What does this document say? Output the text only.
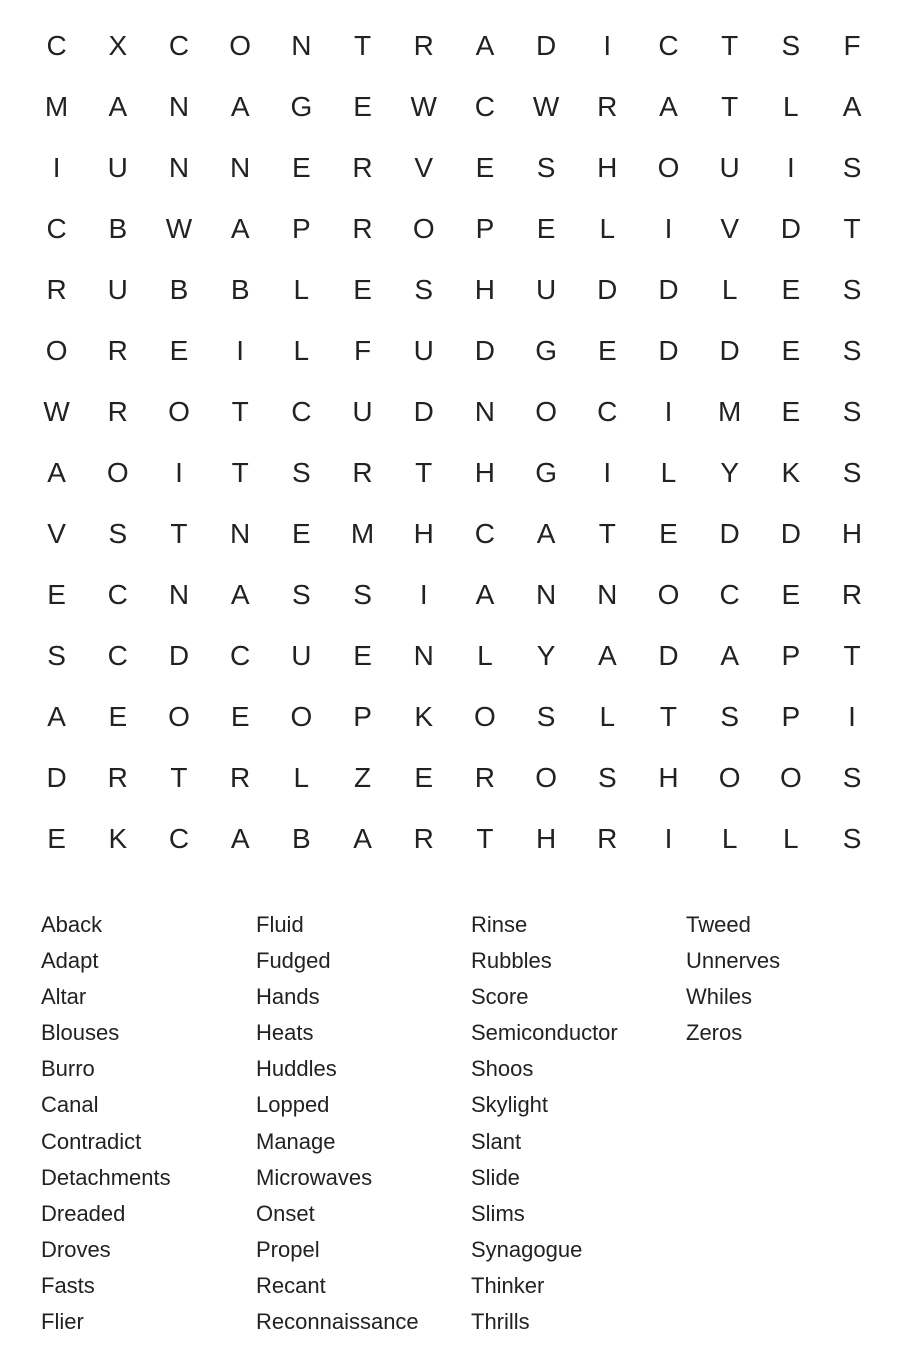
C	X	C	O	N	T	R	A	D	I	C	T	S	F
M	A	N	A	G	E	W	C	W	R	A	T	L	A
I	U	N	N	E	R	V	E	S	H	O	U	I	S
C	B	W	A	P	R	O	P	E	L	I	V	D	T
R	U	B	B	L	E	S	H	U	D	D	L	E	S
O	R	E	I	L	F	U	D	G	E	D	D	E	S
W	R	O	T	C	U	D	N	O	C	I	M	E	S
A	O	I	T	S	R	T	H	G	I	L	Y	K	S
V	S	T	N	E	M	H	C	A	T	E	D	D	H
E	C	N	A	S	S	I	A	N	N	O	C	E	R
S	C	D	C	U	E	N	L	Y	A	D	A	P	T
A	E	O	E	O	P	K	O	S	L	T	S	P	I
D	R	T	R	L	Z	E	R	O	S	H	O	O	S
E	K	C	A	B	A	R	T	H	R	I	L	L	S
Aback
Adapt
Altar
Blouses
Burro
Canal
Contradict
Detachments
Dreaded
Droves
Fasts
Flier
Fluid
Fudged
Hands
Heats
Huddles
Lopped
Manage
Microwaves
Onset
Propel
Recant
Reconnaissance
Rinse
Rubbles
Score
Semiconductor
Shoos
Skylight
Slant
Slide
Slims
Synagogue
Thinker
Thrills
Tweed
Unnerves
Whiles
Zeros
